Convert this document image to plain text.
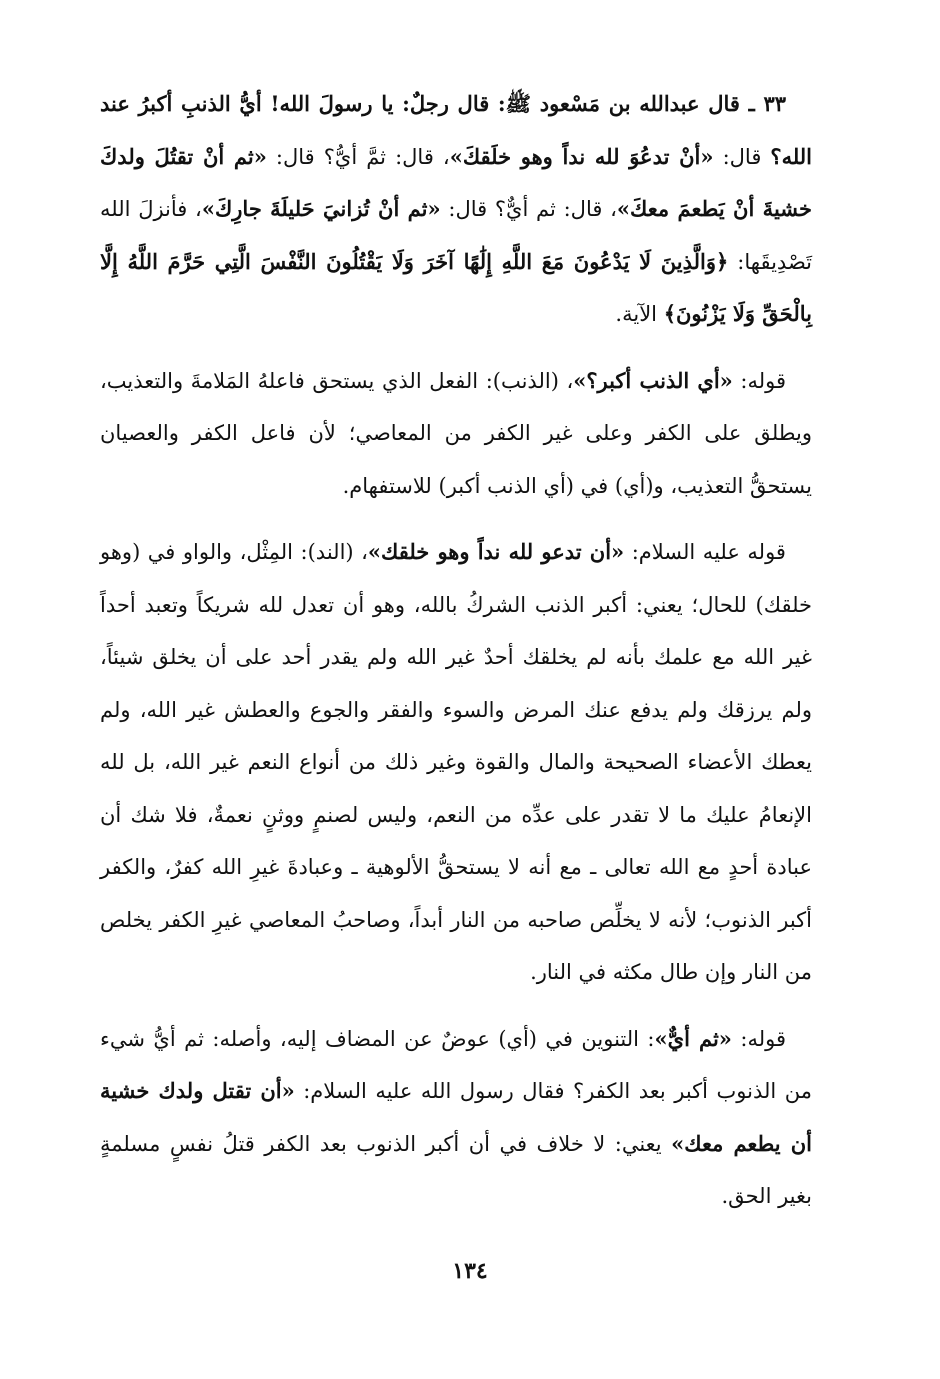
٣٣ ـ قال عبدالله بن مَسْعود ﷺ: قال رجلٌ: يا رسولَ الله! أيُّ الذنبِ أكبرُ عند الله؟ قال: «أنْ تدعُوَ لله نداً وهو خلَقكَ»، قال: ثمَّ أيُّ؟ قال: «ثم أنْ تقتُلَ ولدكَ خشيةَ أنْ يَطعمَ معكَ»، قال: ثم أيٌّ؟ قال: «ثم أنْ تُزانيَ حَليلَةَ جارِكَ»، فأنزلَ الله تَصْدِيقَها: ﴿وَالَّذِينَ لَا يَدْعُونَ مَعَ اللَّهِ إِلَٰهًا آخَرَ وَلَا يَقْتُلُونَ النَّفْسَ الَّتِي حَرَّمَ اللَّهُ إِلَّا بِالْحَقِّ وَلَا يَزْنُونَ﴾ الآية.

قوله: «أي الذنب أكبر؟»، (الذنب): الفعل الذي يستحق فاعلهُ المَلامةَ والتعذيب، ويطلق على الكفر وعلى غير الكفر من المعاصي؛ لأن فاعل الكفر والعصيان يستحقُّ التعذيب، و(أي) في (أي الذنب أكبر) للاستفهام.

قوله عليه السلام: «أن تدعو لله نداً وهو خلقك»، (الند): المِثْل، والواو في (وهو خلقك) للحال؛ يعني: أكبر الذنب الشركُ بالله، وهو أن تعدل لله شريكاً وتعبد أحداً غير الله مع علمك بأنه لم يخلقك أحدٌ غير الله ولم يقدر أحد على أن يخلق شيئاً، ولم يرزقك ولم يدفع عنك المرض والسوء والفقر والجوع والعطش غير الله، ولم يعطك الأعضاء الصحيحة والمال والقوة وغير ذلك من أنواع النعم غير الله، بل لله الإنعامُ عليك ما لا تقدر على عدِّه من النعم، وليس لصنمٍ ووثنٍ نعمةٌ، فلا شك أن عبادة أحدٍ مع الله تعالى ـ مع أنه لا يستحقُّ الألوهية ـ وعبادةَ غيرِ الله كفرٌ، والكفر أكبر الذنوب؛ لأنه لا يخلِّص صاحبه من النار أبداً، وصاحبُ المعاصي غيرِ الكفر يخلص من النار وإن طال مكثه في النار.

قوله: «ثم أيٌّ»: التنوين في (أي) عوضٌ عن المضاف إليه، وأصله: ثم أيُّ شيء من الذنوب أكبر بعد الكفر؟ فقال رسول الله عليه السلام: «أن تقتل ولدك خشية أن يطعم معك» يعني: لا خلاف في أن أكبر الذنوب بعد الكفر قتلُ نفسٍ مسلمةٍ بغير الحق.

١٣٤
